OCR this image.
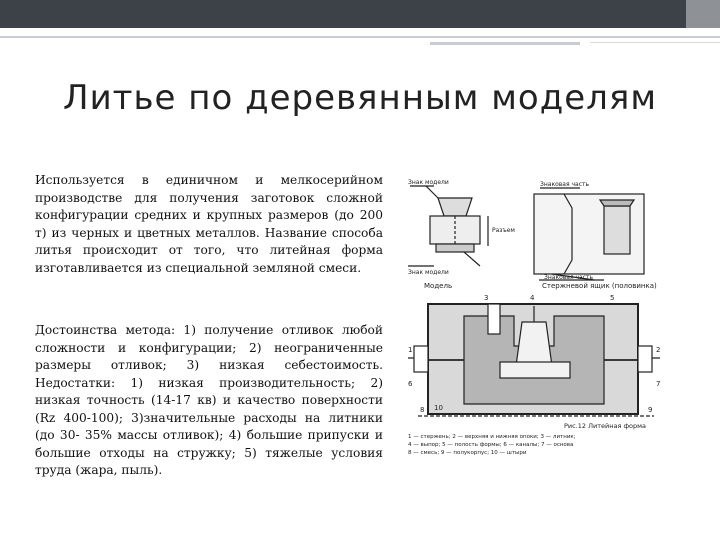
Литье по деревянным моделям
Используется в единичном и мелкосерийном производстве для получения заготовок сложной конфигурации средних и крупных размеров (до 200 т) из черных и цветных металлов. Название способа литья происходит от того, что литейная форма изготавливается из специальной земляной смеси.
Достоинства метода: 1) получение отливок любой сложности и конфигурации; 2) неограниченные размеры отливок; 3) низкая себестоимость. Недостатки: 1) низкая производительность; 2) низкая точность (14-17 кв) и качество поверхности (Rz 400-100); 3)значительные расходы на литники (до 30- 35% массы отливок); 4) большие припуски и большие отходы на стружку; 5) тяжелые условия труда (жара, пыль).
Знак модели
Знак модели
Разъем
Модель
Знаковая часть
Знаковая часть
Стержневой ящик (половинка)
1	2
3	4	5
6	7
8	9
10
Рис.12 Литейная форма
1 — стержень; 2 — верхняя и нижняя опоки; 3 — литник;
4 — выпор; 5 — полость формы; 6 — каналы; 7 — основа
8 — смесь; 9 — полукорпус; 10 — штыри
